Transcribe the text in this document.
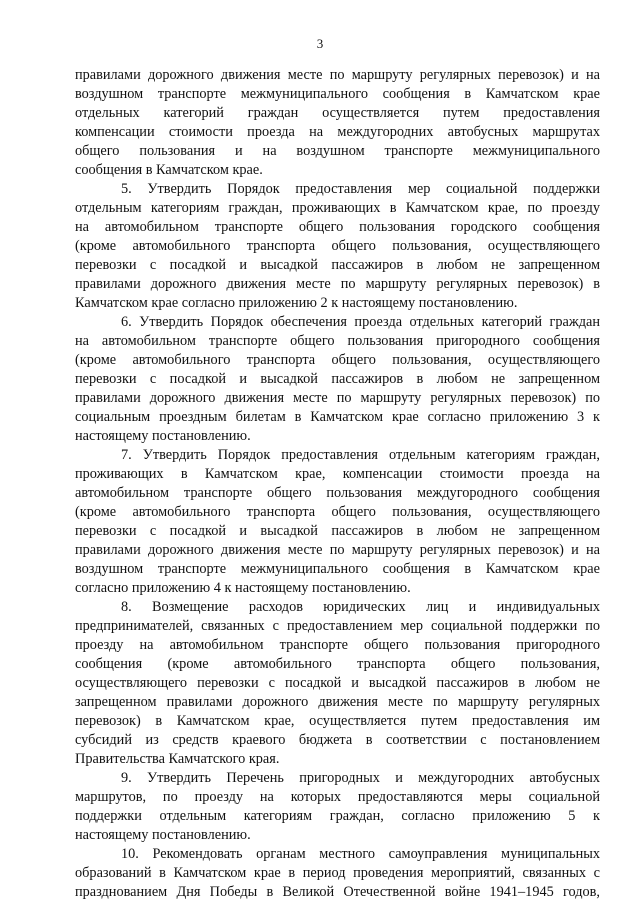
3
правилами дорожного движения месте по маршруту регулярных перевозок) и на
воздушном транспорте межмуниципального сообщения в Камчатском крае
отдельных категорий граждан осуществляется путем предоставления
компенсации стоимости проезда на междугородних автобусных маршрутах
общего пользования и на воздушном транспорте межмуниципального
сообщения в Камчатском крае.
5. Утвердить Порядок предоставления мер социальной поддержки
отдельным категориям граждан, проживающих в Камчатском крае, по проезду
на автомобильном транспорте общего пользования городского сообщения
(кроме автомобильного транспорта общего пользования, осуществляющего
перевозки с посадкой и высадкой пассажиров в любом не запрещенном
правилами дорожного движения месте по маршруту регулярных перевозок) в
Камчатском крае согласно приложению 2 к настоящему постановлению.
6. Утвердить Порядок обеспечения проезда отдельных категорий граждан
на автомобильном транспорте общего пользования пригородного сообщения
(кроме автомобильного транспорта общего пользования, осуществляющего
перевозки с посадкой и высадкой пассажиров в любом не запрещенном
правилами дорожного движения месте по маршруту регулярных перевозок) по
социальным проездным билетам в Камчатском крае согласно приложению 3 к
настоящему постановлению.
7. Утвердить Порядок предоставления отдельным категориям граждан,
проживающих в Камчатском крае, компенсации стоимости проезда на
автомобильном транспорте общего пользования междугородного сообщения
(кроме автомобильного транспорта общего пользования, осуществляющего
перевозки с посадкой и высадкой пассажиров в любом не запрещенном
правилами дорожного движения месте по маршруту регулярных перевозок) и на
воздушном транспорте межмуниципального сообщения в Камчатском крае
согласно приложению 4 к настоящему постановлению.
8. Возмещение расходов юридических лиц и индивидуальных
предпринимателей, связанных с предоставлением мер социальной поддержки по
проезду на автомобильном транспорте общего пользования пригородного
сообщения (кроме автомобильного транспорта общего пользования,
осуществляющего перевозки с посадкой и высадкой пассажиров в любом не
запрещенном правилами дорожного движения месте по маршруту регулярных
перевозок) в Камчатском крае, осуществляется путем предоставления им
субсидий из средств краевого бюджета в соответствии с постановлением
Правительства Камчатского края.
9. Утвердить Перечень пригородных и междугородних автобусных
маршрутов, по проезду на которых предоставляются меры социальной
поддержки отдельным категориям граждан, согласно приложению 5 к
настоящему постановлению.
10. Рекомендовать органам местного самоуправления муниципальных
образований в Камчатском крае в период проведения мероприятий, связанных с
празднованием Дня Победы в Великой Отечественной войне 1941–1945 годов,
